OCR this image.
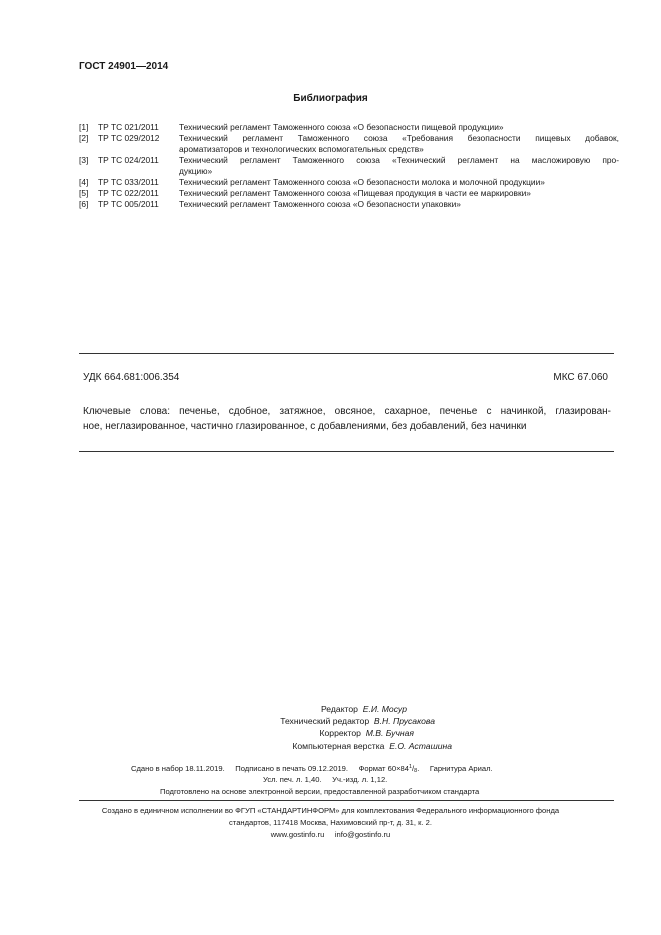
ГОСТ 24901—2014
Библиография
[1]	ТР ТС 021/2011	Технический регламент Таможенного союза «О безопасности пищевой продукции»
[2]	ТР ТС 029/2012	Технический регламент Таможенного союза «Требования безопасности пищевых добавок,
ароматизаторов и технологических вспомогательных средств»
[3]	ТР ТС 024/2011	Технический регламент Таможенного союза «Технический регламент на масложировую про-
дукцию»
[4]	ТР ТС 033/2011	Технический регламент Таможенного союза «О безопасности молока и молочной продукции»
[5]	ТР ТС 022/2011	Технический регламент Таможенного союза «Пищевая продукция в части ее маркировки»
[6]	ТР ТС 005/2011	Технический регламент Таможенного союза «О безопасности упаковки»
УДК 664.681:006.354	МКС 67.060
Ключевые слова: печенье, сдобное, затяжное, овсяное, сахарное, печенье с начинкой, глазирован-
ное, неглазированное, частично глазированное, с добавлениями, без добавлений, без начинки
Редактор Е.И. Мосур
Технический редактор В.Н. Прусакова
Корректор М.В. Бучная
Компьютерная верстка Е.О. Асташина
Сдано в набор 18.11.2019. Подписано в печать 09.12.2019. Формат $60\times 84^1/_8$. Гарнитура Ариал.
Усл. печ. л. 1,40. Уч.-изд. л. 1,12.
Подготовлено на основе электронной версии, предоставленной разработчиком стандарта
Создано в единичном исполнении во ФГУП «СТАНДАРТИНФОРМ» для комплектования Федерального информационного фонда
стандартов, 117418 Москва, Нахимовский пр-т, д. 31, к. 2.
www.gostinfo.ru info@gostinfo.ru
